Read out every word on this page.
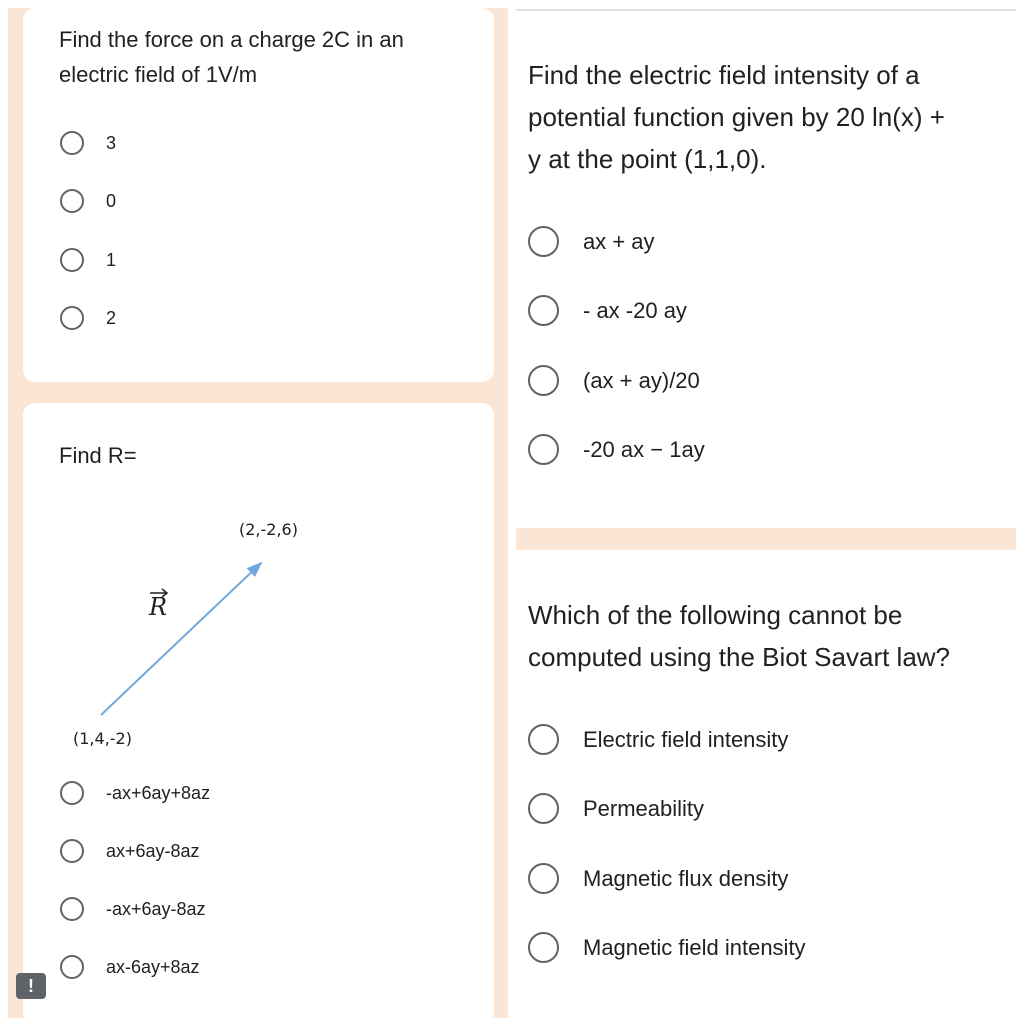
Find the force on a charge 2C in an
electric field of 1V/m
3
0
1
2
Find R=
(2,-2,6)
(1,4,-2)
R
-ax+6ay+8az
ax+6ay-8az
-ax+6ay-8az
ax-6ay+8az
!
Find the electric field intensity of a
potential function given by 20 ln(x) +
y at the point (1,1,0).
ax + ay
- ax -20 ay
(ax + ay)/20
-20 ax − 1ay
Which of the following cannot be
computed using the Biot Savart law?
Electric field intensity
Permeability
Magnetic flux density
Magnetic field intensity
